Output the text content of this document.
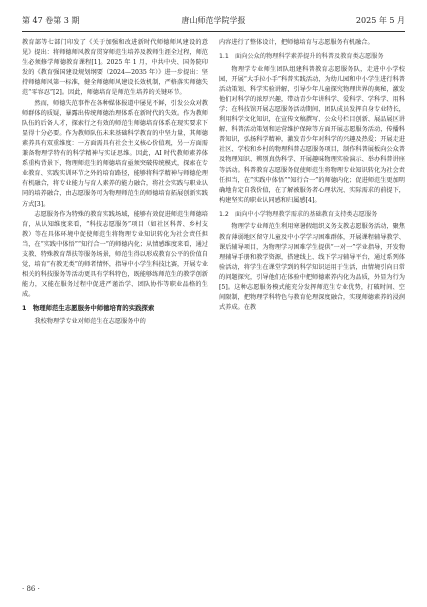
第 47 卷第 3 期	唐山师范学院学报	2025 年 5 月

教育部等七部门印发了《关于加强和改进新时代师德师风建设的意见》提出：将师德师风教育贯穿师范生培养及教师生涯全过程，师范生必须修学师德教育课程[1]。2025 年 1 月，中共中央、国务院印发的《教育强国建设规划纲要（2024—2035 年）》进一步提出：坚持师德师风第一标准，健全师德师风建设长效机制，严格落实师德失范“零容忍”[2]。因此，师德培育是师范生培养的关键环节。

然而，师德失范事件在各种媒体报道中屡见不鲜，引发公众对教师群体的质疑，暴露出传统师德治理体系在新时代的失效。作为教师队伍的后备人才，探索行之有效的师范生师德培育体系在现实要求下显得十分必要。作为教师队伍未来基础科学教育的中坚力量，其师德素养具有双重维度：一方面需具有社会主义核心价值观，另一方面需兼备物理学特有的科学精神与实证思维。因此，AI 时代教师素养体系重构背景下，物理师范生的师德培育亟须突破传统模式，探索在专业教育、实践实训环节之外的培育路径，能够将科学精神与师德伦理有机融合，将专业能力与育人素养的能力融合，将社会实践与职业认同的培养融合，由志愿服务可为物理师范生的师德培育拓展创新实践方式[3]。

志愿服务作为特殊的教育实践场域，能够有效促进师范生师德培育，从认知维度来看，“科技志愿服务”项目（如社区科普、乡村支教）等在具体环境中促使师范生将物理专业知识转化为社会责任担当，在“实践中体悟”“知行合一”的师德内化；从情感维度来看，通过支教、特殊教育帮扶等服务场景，师范生得以形成教育公平的价值自觉，培育“有教无类”的师者情怀，指导中小学生科技比赛，开展专业相关的科技服务等活动更具有学科特色，既能够练师范生的教学创新能力，又能在服务过程中促进严谨治学、团队协作等职业品格的生成。

1　物理师范生志愿服务中师德培育的实践探索

我校物理学专业对师范生在志愿服务中的

内容进行了整体设计，把师德培育与志愿服务有机融合。

1.1　面向公众的物理科学素养提升的科普及教育类志愿服务

物理学专业师生团队组建科普教育志愿服务队，走进中小学校园，开展“大手拉小手”科普实践活动，为幼儿园和中小学生进行科普活动策划、科学实验讲解，引导少年儿童探究物理世界的奥秘，激发他们对科学的浓厚兴趣，带动青少年讲科学、爱科学、学科学、用科学；在科技馆开展志愿服务活动期间，团队成员发挥自身专业特长，利用科学文化知识，在宣传文稿撰写、公众号栏目创新、展品展区讲解、科普活动策划和运营维护保障等方面开展志愿服务活动，传播科普知识，弘扬科学精神，激发青少年对科学的兴趣及热爱；开展走进社区、学校和乡村的物理科普志愿服务项目，制作科普展板向公众普及物理知识、辨别真伪科学、开展趣味物理实验演示、举办科普讲座等活动。科普教育志愿服务促使师范生将物理专业知识转化为社会责任担当，在“实践中体悟”“知行合一”的师德内化；促进师范生更加明确地肯定自我价值，在了解被服务者心理状况、实际需求的前提下，构建坚实的职业认同感和归属感[4]。

1.2　面向中小学物理教学需求的基础教育支持类志愿服务

物理学专业师范生利用寒暑假组织义务支教志愿服务活动，聚焦教育薄弱地区留守儿童及中小学学习困难群体，开展课程辅导教学、课后辅导项目，为物理学习困难学生提供“一对一”学业指导，开发物理辅导手册和教学资源，搭建线上、线下学习辅导平台，通过系列体验活动，将学生在课堂学到的科学知识运用于生活，由情境引向日常的问题探究，引导他们在体验中把师德素养内化为品质，外显为行为[5]。这种志愿服务模式能充分发挥师范生专业优势，打破时间、空间限制，把物理学科特色与教育伦理深度融合，实现师德素养的浸润式养成。在教

· 86 ·
